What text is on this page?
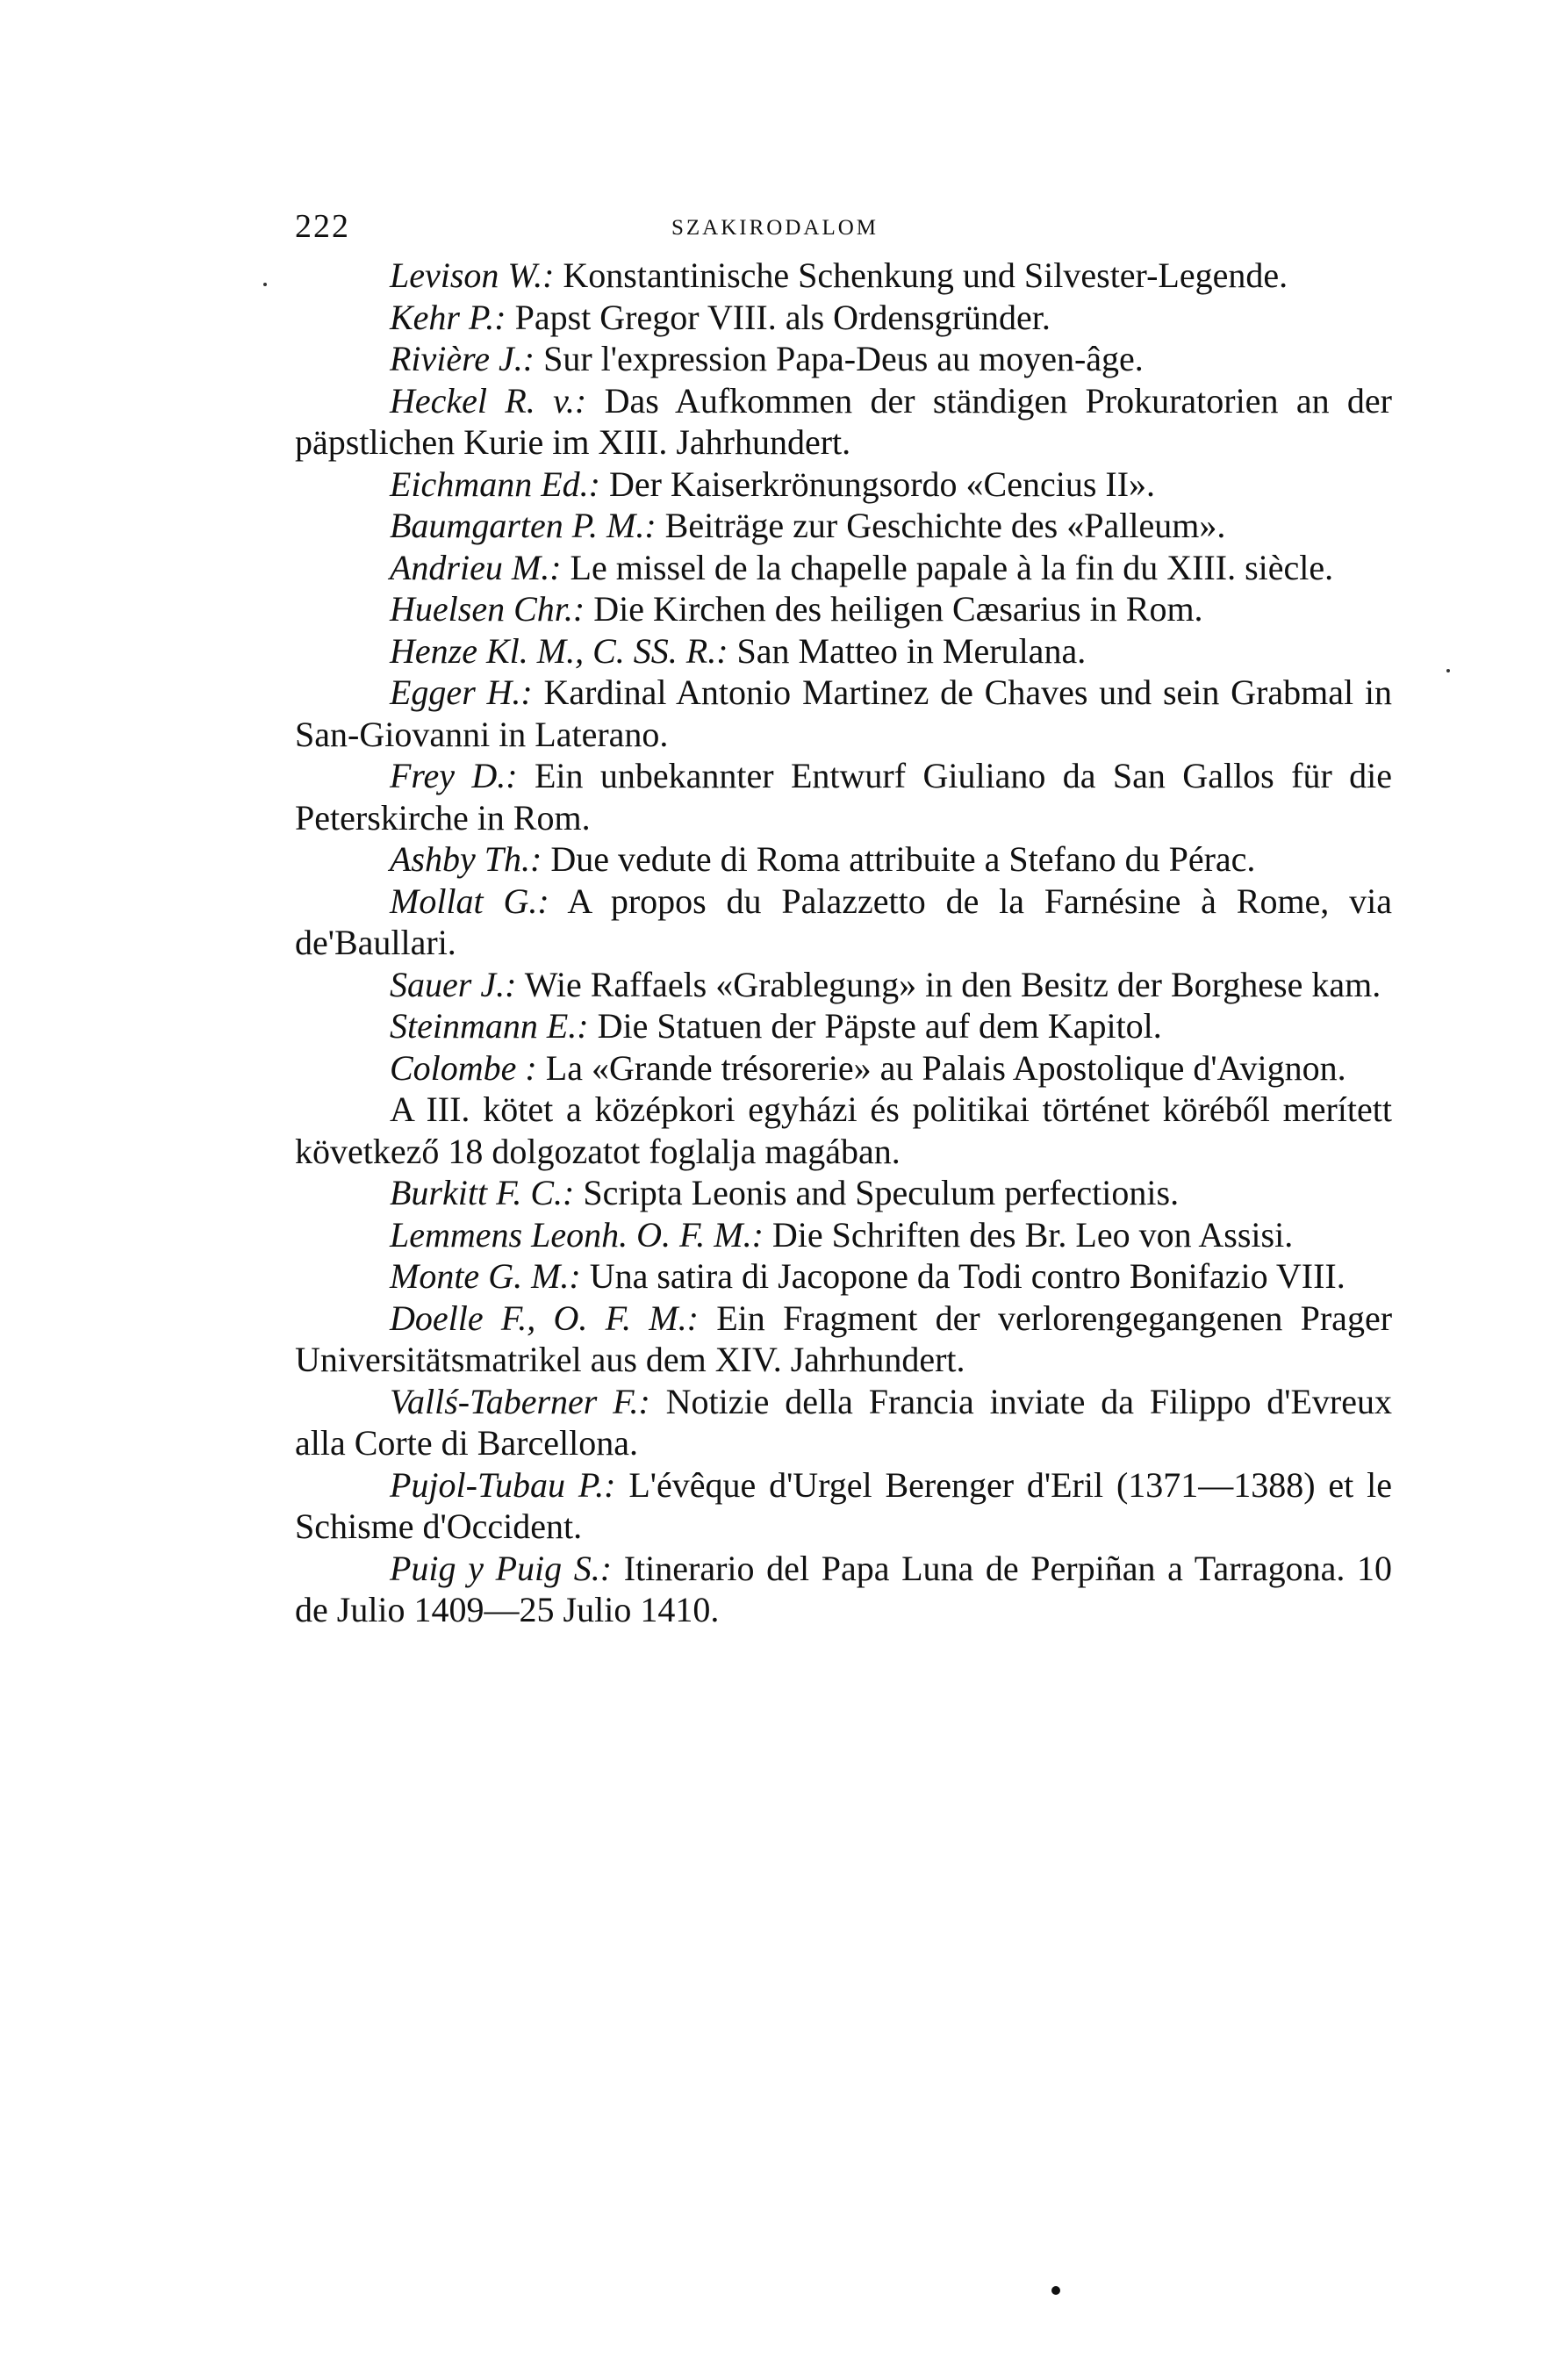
222	SZAKIRODALOM

Levison W.: Konstantinische Schenkung und Silvester-Legende.

Kehr P.: Papst Gregor VIII. als Ordensgründer.

Rivière J.: Sur l'expression Papa-Deus au moyen-âge.

Heckel R. v.: Das Aufkommen der ständigen Prokuratorien an der päpstlichen Kurie im XIII. Jahrhundert.

Eichmann Ed.: Der Kaiserkrönungsordo «Cencius II».

Baumgarten P. M.: Beiträge zur Geschichte des «Palleum».

Andrieu M.: Le missel de la chapelle papale à la fin du XIII. siècle.

Huelsen Chr.: Die Kirchen des heiligen Cæsarius in Rom.

Henze Kl. M., C. SS. R.: San Matteo in Merulana.

Egger H.: Kardinal Antonio Martinez de Chaves und sein Grabmal in San-Giovanni in Laterano.

Frey D.: Ein unbekannter Entwurf Giuliano da San Gallos für die Peterskirche in Rom.

Ashby Th.: Due vedute di Roma attribuite a Stefano du Pérac.

Mollat G.: A propos du Palazzetto de la Farnésine à Rome, via de'Baullari.

Sauer J.: Wie Raffaels «Grablegung» in den Besitz der Borghese kam.

Steinmann E.: Die Statuen der Päpste auf dem Kapitol.

Colombe : La «Grande trésorerie» au Palais Apostolique d'Avignon.

A III. kötet a középkori egyházi és politikai történet köréből merített következő 18 dolgozatot foglalja magában.

Burkitt F. C.: Scripta Leonis and Speculum perfectionis.

Lemmens Leonh. O. F. M.: Die Schriften des Br. Leo von Assisi.

Monte G. M.: Una satira di Jacopone da Todi contro Bonifazio VIII.

Doelle F., O. F. M.: Ein Fragment der verlorengegangenen Prager Universitätsmatrikel aus dem XIV. Jahrhundert.

Vallś-Taberner F.: Notizie della Francia inviate da Filippo d'Evreux alla Corte di Barcellona.

Pujol-Tubau P.: L'évêque d'Urgel Berenger d'Eril (1371—1388) et le Schisme d'Occident.

Puig y Puig S.: Itinerario del Papa Luna de Perpiñan a Tarragona. 10 de Julio 1409—25 Julio 1410.
